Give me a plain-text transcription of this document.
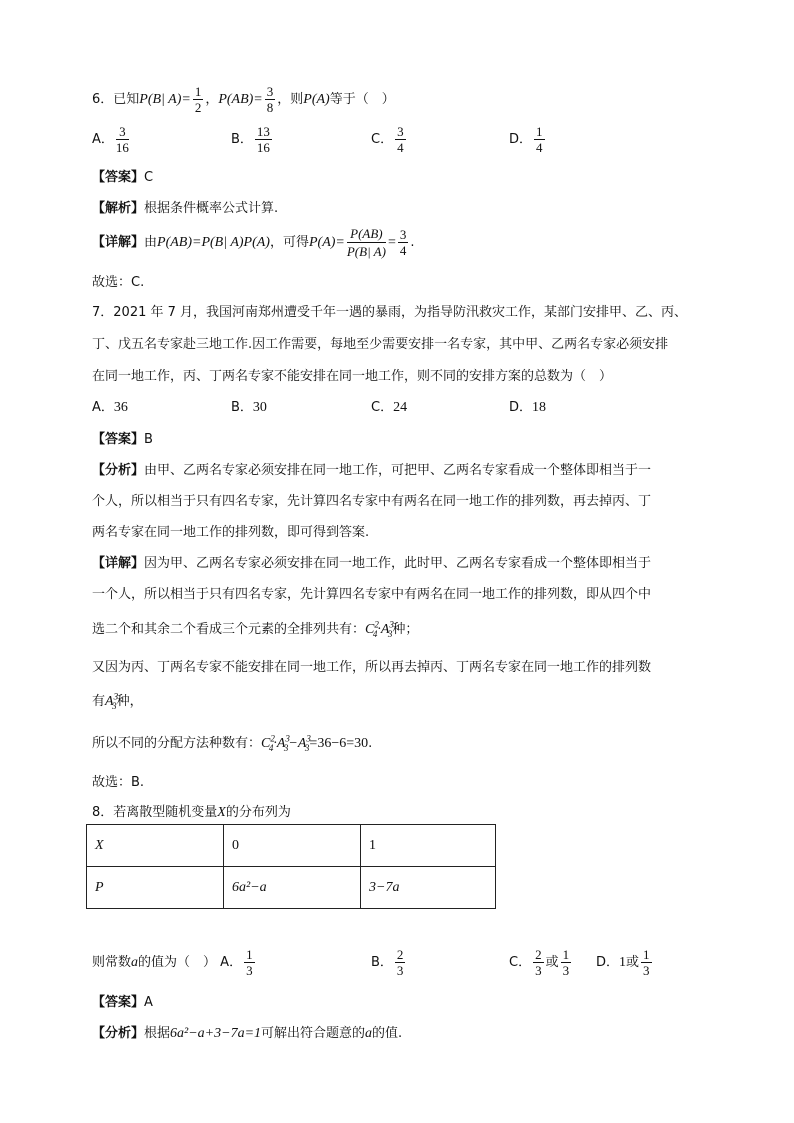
6．已知P(B| $A)= \frac{1}{2}$ ，$P(AB)= \frac{3}{8}$ ，则P(A)等于（　）
A． $\frac{3}{16}$	B． $\frac{13}{16}$	C． $\frac{3}{4}$	D． $\frac{1}{4}$
【答案】C
【解析】根据条件概率公式计算.
【详解】由P(AB)=P(B| A)P(A)，可得$P(A)= \frac{P(AB)}{P(B| A)} = \frac{3}{4}$ .
故选：C.
7．2021 年 7 月，我国河南郑州遭受千年一遇的暴雨，为指导防汛救灾工作，某部门安排甲、乙、丙、
丁、戊五名专家赴三地工作.因工作需要，每地至少需要安排一名专家，其中甲、乙两名专家必须安排
在同一地工作，丙、丁两名专家不能安排在同一地工作，则不同的安排方案的总数为（　）
A．36	B．30	C．24	D．18
【答案】B
【分析】由甲、乙两名专家必须安排在同一地工作，可把甲、乙两名专家看成一个整体即相当于一
个人，所以相当于只有四名专家，先计算四名专家中有两名在同一地工作的排列数，再去掉丙、丁
两名专家在同一地工作的排列数，即可得到答案.
【详解】因为甲、乙两名专家必须安排在同一地工作，此时甲、乙两名专家看成一个整体即相当于
一个人，所以相当于只有四名专家，先计算四名专家中有两名在同一地工作的排列数，即从四个中
选二个和其余二个看成三个元素的全排列共有：$C^2_4\cdot A^3_3$种；
又因为丙、丁两名专家不能安排在同一地工作，所以再去掉丙、丁两名专家在同一地工作的排列数
有$A^3_3$种，
所以不同的分配方法种数有：$C^2_4\cdot A^3_3-A^3_3=36-6=30$.
故选：B.
8．若离散型随机变量X的分布列为
X	0	1
P	6a²−a	3−7a
则常数a的值为（　） A． $\frac{1}{3}$	B． $\frac{2}{3}$	C． $\frac{2}{3}$ 或 $\frac{1}{3}$ D．1或 $\frac{1}{3}$
【答案】A
【分析】根据6a²−a+3−7a=1可解出符合题意的a的值.
